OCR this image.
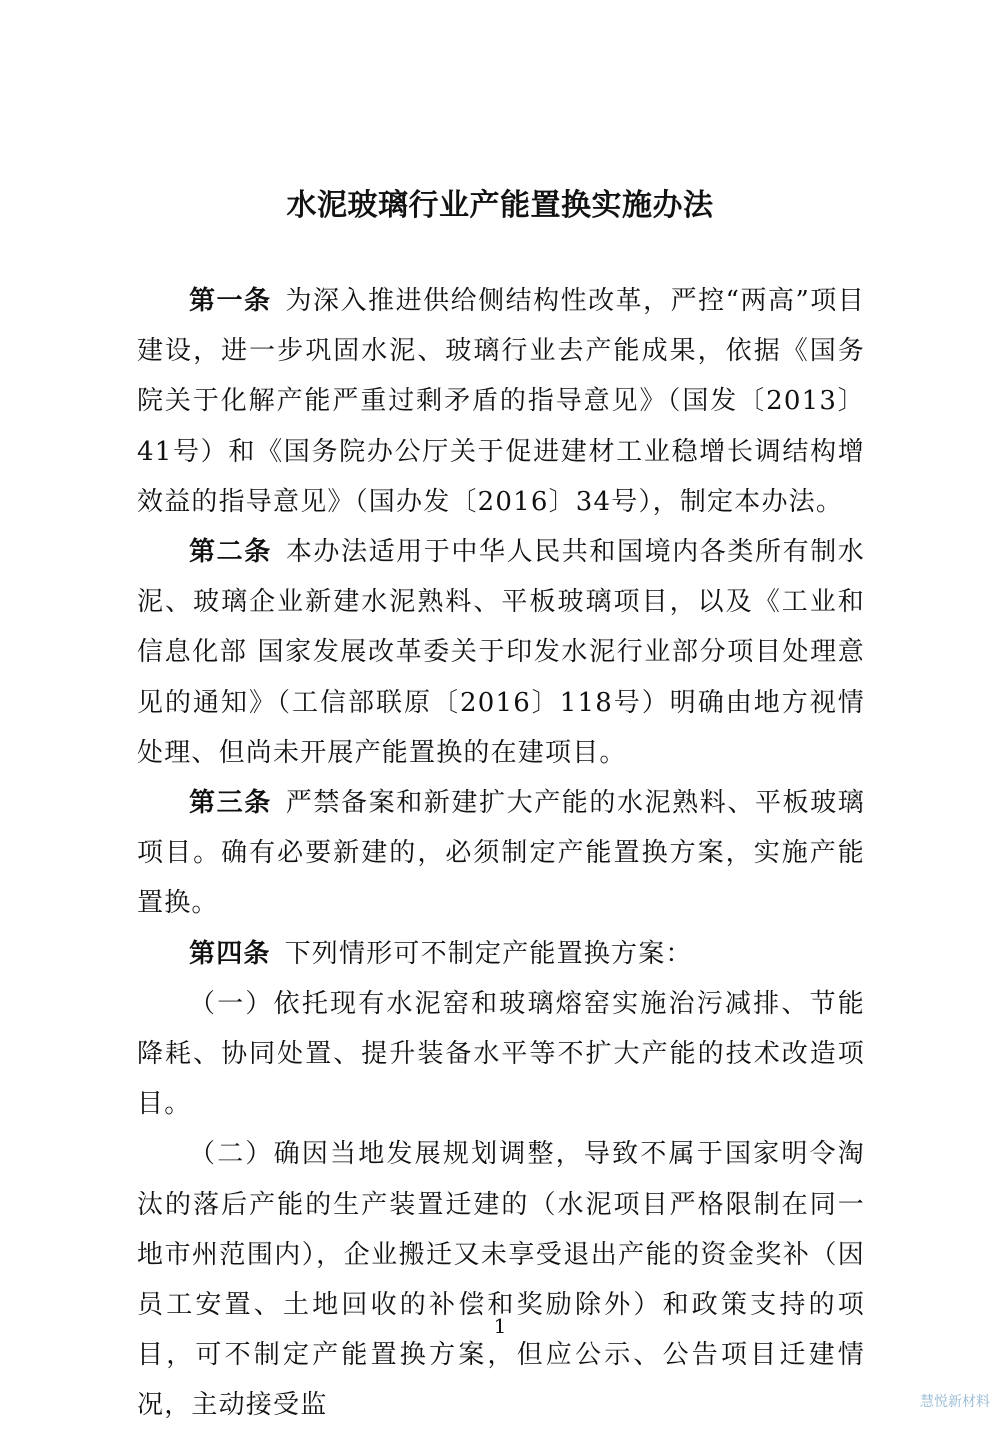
水泥玻璃行业产能置换实施办法

第一条 为深入推进供给侧结构性改革，严控“两高”项目建设，进一步巩固水泥、玻璃行业去产能成果，依据《国务院关于化解产能严重过剩矛盾的指导意见》（国发〔2013〕41号）和《国务院办公厅关于促进建材工业稳增长调结构增效益的指导意见》（国办发〔2016〕34号），制定本办法。

第二条 本办法适用于中华人民共和国境内各类所有制水泥、玻璃企业新建水泥熟料、平板玻璃项目，以及《工业和信息化部 国家发展改革委关于印发水泥行业部分项目处理意见的通知》（工信部联原〔2016〕118号）明确由地方视情处理、但尚未开展产能置换的在建项目。

第三条 严禁备案和新建扩大产能的水泥熟料、平板玻璃项目。确有必要新建的，必须制定产能置换方案，实施产能置换。

第四条 下列情形可不制定产能置换方案：

（一）依托现有水泥窑和玻璃熔窑实施治污减排、节能降耗、协同处置、提升装备水平等不扩大产能的技术改造项目。

（二）确因当地发展规划调整，导致不属于国家明令淘汰的落后产能的生产装置迁建的（水泥项目严格限制在同一地市州范围内），企业搬迁又未享受退出产能的资金奖补（因员工安置、土地回收的补偿和奖励除外）和政策支持的项目，可不制定产能置换方案，但应公示、公告项目迁建情况，主动接受监

1
慧悦新材料
